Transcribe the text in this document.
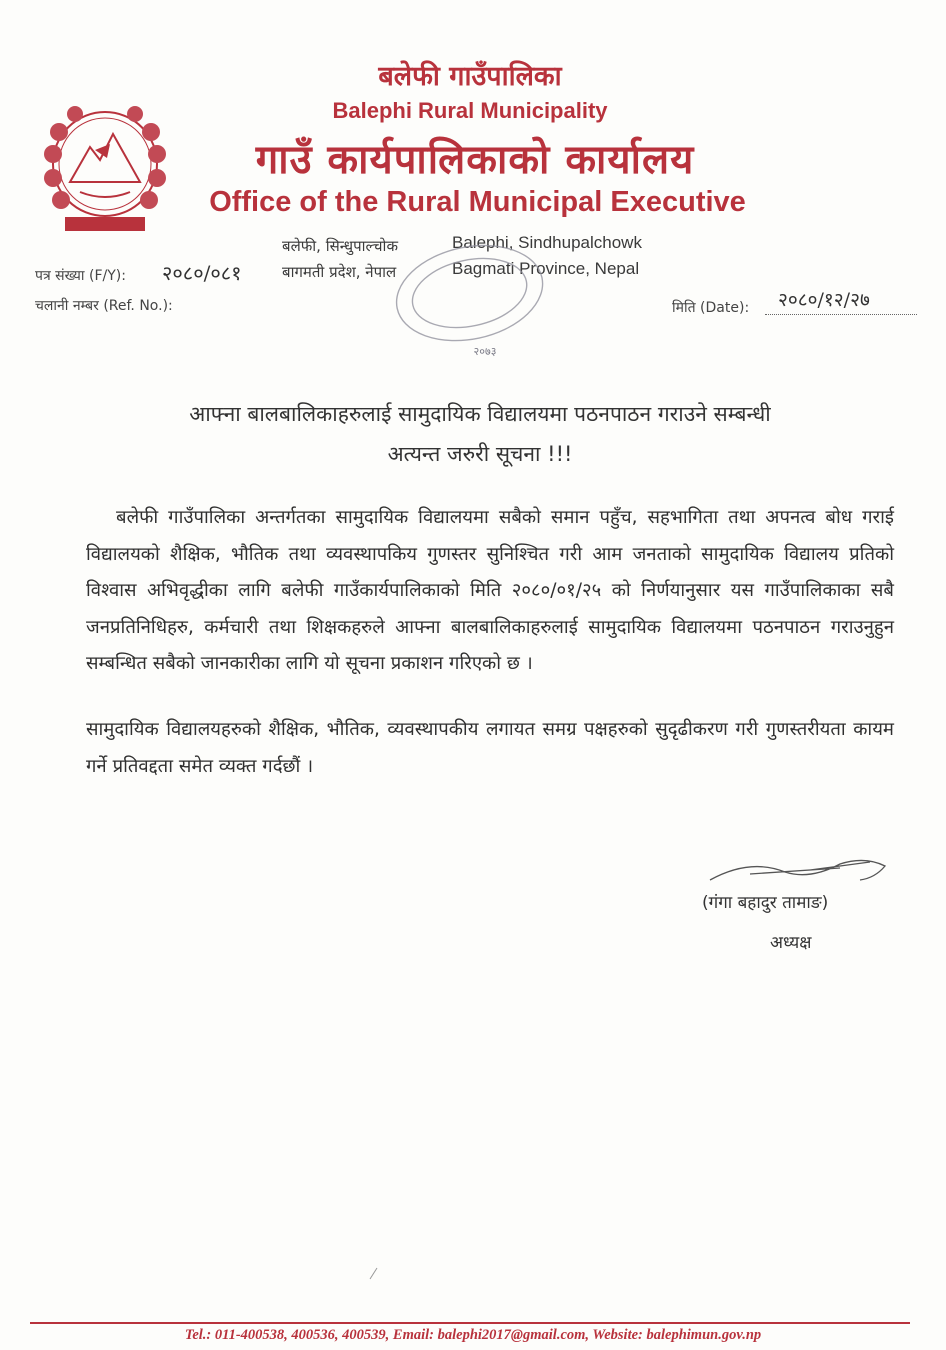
बलेफी गाउँपालिका
Balephi Rural Municipality
गाउँ कार्यपालिकाको कार्यालय
Office of the Rural Municipal Executive
बलेफी, सिन्धुपाल्चोक	Balephi, Sindhupalchowk
बागमती प्रदेश, नेपाल	Bagmati Province, Nepal
पत्र संख्या (F/Y): २०८०/०८१
चलानी नम्बर (Ref. No.):	मिति (Date): २०८०/१२/२७
२०७३
आफ्ना बालबालिकाहरुलाई सामुदायिक विद्यालयमा पठनपाठन गराउने सम्बन्धी
अत्यन्त जरुरी सूचना !!!
बलेफी गाउँपालिका अन्तर्गतका सामुदायिक विद्यालयमा सबैको समान पहुँच, सहभागिता तथा अपनत्व बोध गराई विद्यालयको शैक्षिक, भौतिक तथा व्यवस्थापकिय गुणस्तर सुनिश्चित गरी आम जनताको सामुदायिक विद्यालय प्रतिको विश्वास अभिवृद्धीका लागि बलेफी गाउँकार्यपालिकाको मिति २०८०/०१/२५ को निर्णयानुसार यस गाउँपालिकाका सबै जनप्रतिनिधिहरु, कर्मचारी तथा शिक्षकहरुले आफ्ना बालबालिकाहरुलाई सामुदायिक विद्यालयमा पठनपाठन गराउनुहुन सम्बन्धित सबैको जानकारीका लागि यो सूचना प्रकाशन गरिएको छ ।
सामुदायिक विद्यालयहरुको शैक्षिक, भौतिक, व्यवस्थापकीय लगायत समग्र पक्षहरुको सुदृढीकरण गरी गुणस्तरीयता कायम गर्ने प्रतिवद्दता समेत व्यक्त गर्दछौं ।
(गंगा बहादुर तामाङ)
अध्यक्ष
Tel.: 011-400538, 400536, 400539, Email: balephi2017@gmail.com, Website: balephimun.gov.np
